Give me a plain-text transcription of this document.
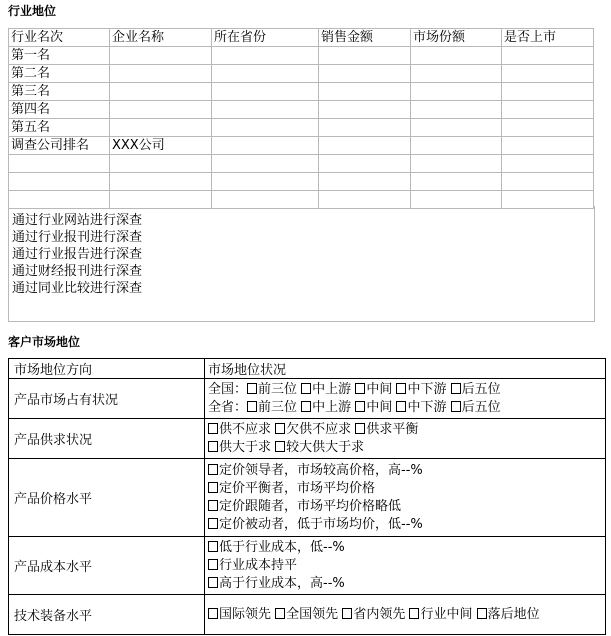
行业地位
行业名次	企业名称	所在省份	销售金额	市场份额	是否上市
第一名					
第二名					
第三名					
第四名					
第五名					
调查公司排名	XXX公司				

通过行业网站进行深查
通过行业报刊进行深查
通过行业报告进行深查
通过财经报刊进行深查
通过同业比较进行深查
客户市场地位
市场地位方向	市场地位状况
产品市场占有状况	全国： 前三位 中上游 中间 中下游 后五位
全省： 前三位 中上游 中间 中下游 后五位

产品供求状况	供不应求 欠供不应求 供求平衡
供大于求 较大供大于求

产品价格水平	定价领导者，市场较高价格，高--%
定价平衡者，市场平均价格
定价跟随者，市场平均价格略低
定价被动者，低于市场均价，低--%

产品成本水平	低于行业成本，低--%
行业成本持平
高于行业成本，高--%

技术装备水平	国际领先 全国领先 省内领先 行业中间 落后地位
